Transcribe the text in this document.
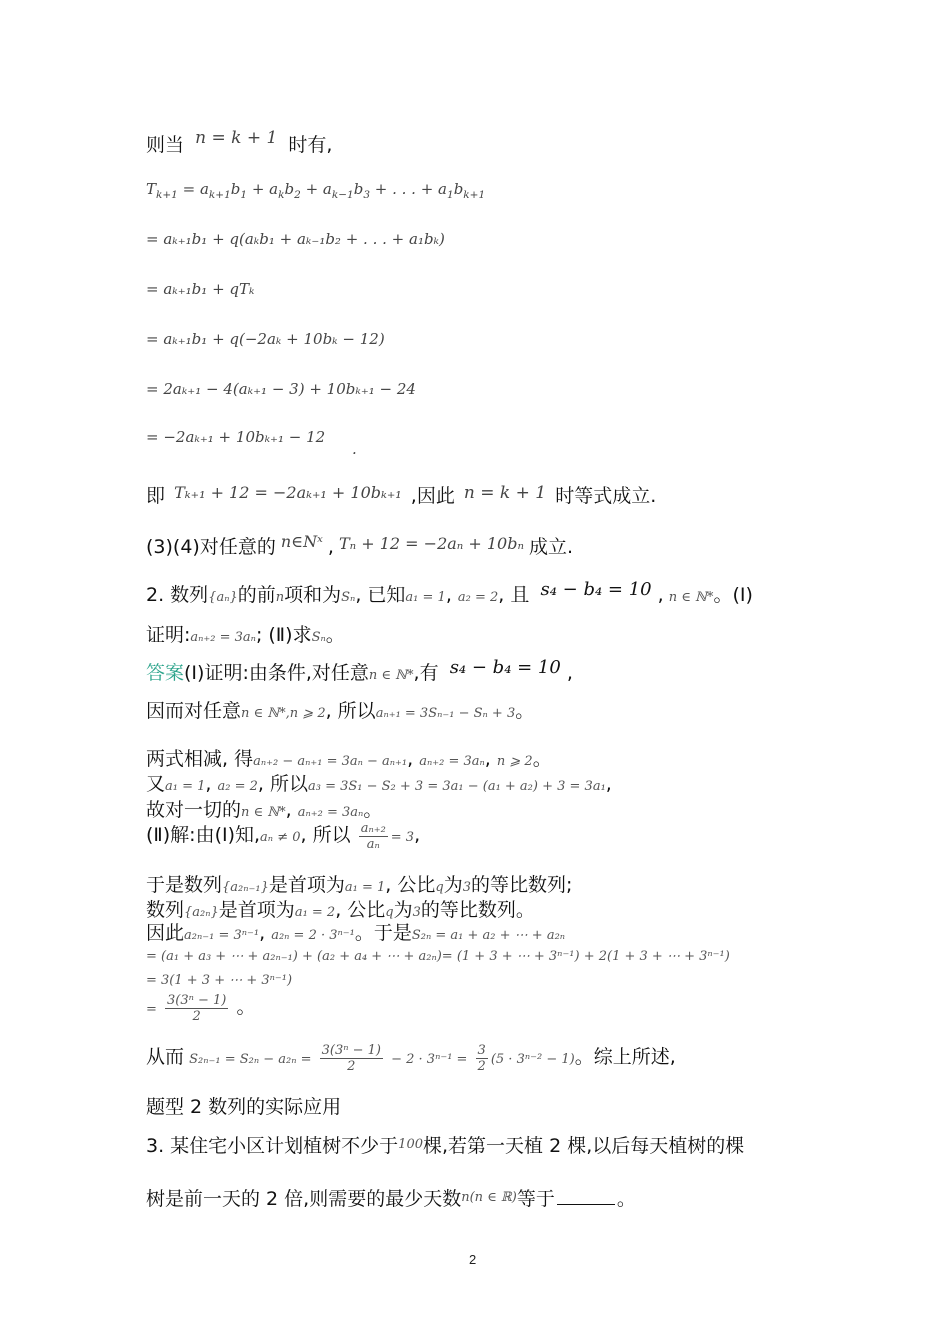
则当 n = k + 1 时有,
$T_{k+1} = a_{k+1}b_1 + a_kb_2 + a_{k-1}b_3$ + . . . + $a_1b_{k+1}$
= aₖ₊₁b₁ + q(aₖb₁ + aₖ₋₁b₂ + . . . + a₁bₖ)
= aₖ₊₁b₁ + qTₖ
= aₖ₊₁b₁ + q(−2aₖ + 10bₖ − 12)
= 2aₖ₊₁ − 4(aₖ₊₁ − 3) + 10bₖ₊₁ − 24
= −2aₖ₊₁ + 10bₖ₊₁ − 12
.
即 Tₖ₊₁ + 12 = −2aₖ₊₁ + 10bₖ₊₁ ,因此 n = k + 1 时等式成立.
(3)(4)对任意的 n∈Nˣ , Tₙ + 12 = −2aₙ + 10bₙ 成立.
2. 数列{aₙ}的前n项和为Sₙ, 已知a₁ = 1, a₂ = 2, 且 s₄ − b₄ = 10 , n ∈ ℕ*。(Ⅰ)
证明:aₙ₊₂ = 3aₙ; (Ⅱ)求Sₙ。
答案(Ⅰ)证明:由条件,对任意n ∈ ℕ*,有 s₄ − b₄ = 10 ,
因而对任意n ∈ ℕ*,n ⩾ 2, 所以aₙ₊₁ = 3Sₙ₋₁ − Sₙ + 3。
两式相减, 得aₙ₊₂ − aₙ₊₁ = 3aₙ − aₙ₊₁, aₙ₊₂ = 3aₙ, n ⩾ 2。
又a₁ = 1, a₂ = 2, 所以a₃ = 3S₁ − S₂ + 3 = 3a₁ − (a₁ + a₂) + 3 = 3a₁,
故对一切的n ∈ ℕ*, aₙ₊₂ = 3aₙ。
(Ⅱ)解:由(Ⅰ)知,aₙ ≠ 0, 所以 $\frac{\text{aₙ₊₂}}{\text{aₙ}} = 3$,
于是数列{a₂ₙ₋₁}是首项为a₁ = 1, 公比q为3的等比数列;
数列{a₂ₙ}是首项为a₁ = 2, 公比q为3的等比数列。
因此a₂ₙ₋₁ = 3ⁿ⁻¹, a₂ₙ = 2 · 3ⁿ⁻¹。于是S₂ₙ = a₁ + a₂ + ⋯ + a₂ₙ
= (a₁ + a₃ + ⋯ + a₂ₙ₋₁) + (a₂ + a₄ + ⋯ + a₂ₙ)= (1 + 3 + ⋯ + 3ⁿ⁻¹) + 2(1 + 3 + ⋯ + 3ⁿ⁻¹)
= 3(1 + 3 + ⋯ + 3ⁿ⁻¹)
= $\frac{\text{3(3ⁿ − 1)}}{2}$ 。
从而 $S_{2n-1} = S_{2n} - a_{2n} = \frac{\text{3(3ⁿ − 1)}}{2} - 2 \cdot 3^{n-1} = \frac{3}{2} (5 \cdot 3^{n-2} - 1)$。综上所述,
题型 2 数列的实际应用
3. 某住宅小区计划植树不少于$^{100}$棵,若第一天植 2 棵,以后每天植树的棵
树是前一天的 2 倍,则需要的最少天数$^{n(n \in ℝ)}$等于	。
2
